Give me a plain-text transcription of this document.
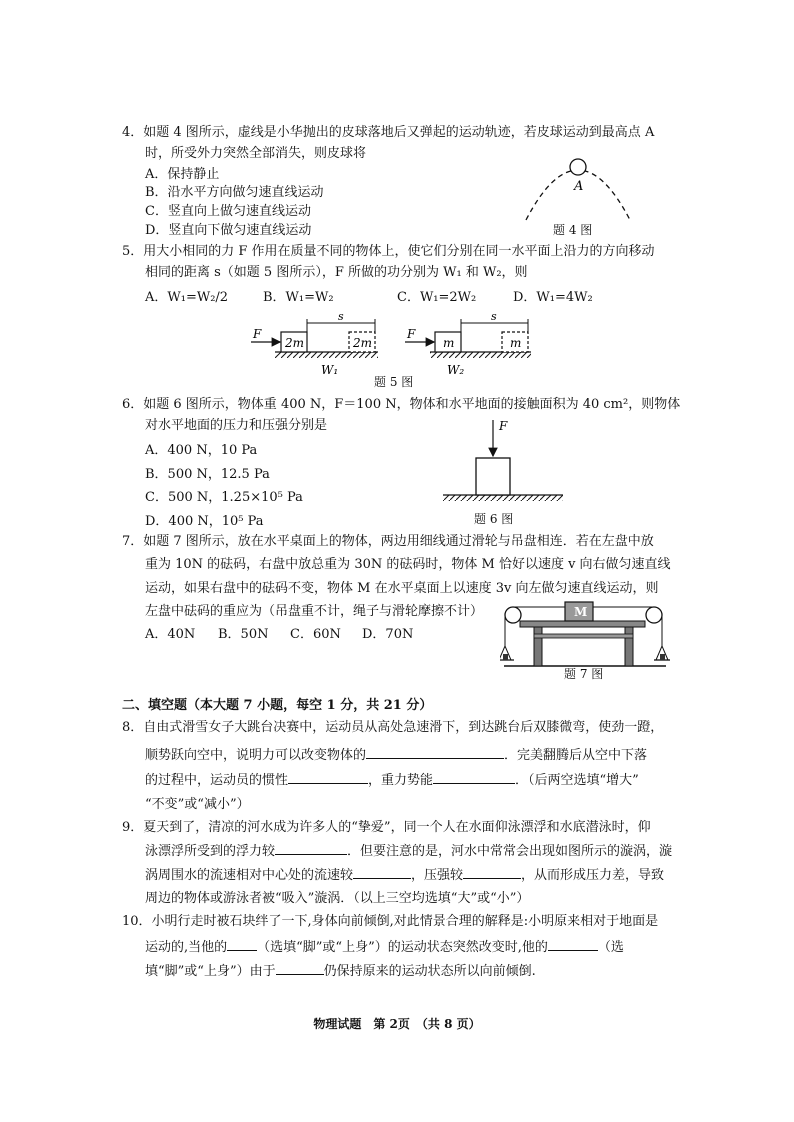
4．如题 4 图所示，虚线是小华抛出的皮球落地后又弹起的运动轨迹，若皮球运动到最高点 A
时，所受外力突然全部消失，则皮球将
A．保持静止
B．沿水平方向做匀速直线运动
C．竖直向上做匀速直线运动
D．竖直向下做匀速直线运动
A
题 4 图
5．用大小相同的力 F 作用在质量不同的物体上，使它们分别在同一水平面上沿力的方向移动
相同的距离 s（如题 5 图所示），F 所做的功分别为 W₁ 和 W₂，则
A．W₁=W₂/2	B．W₁=W₂	C．W₁=2W₂	D．W₁=4W₂
2m	2m
F
s
W₁
m	m
F
s
W₂
题 5 图
6．如题 6 图所示，物体重 400 N，F＝100 N，物体和水平地面的接触面积为 40 cm²，则物体
对水平地面的压力和压强分别是
A．400 N，10 Pa
B．500 N，12.5 Pa
C．500 N，1.25×10⁵ Pa
D．400 N，10⁵ Pa
F
题 6 图
7．如题 7 图所示，放在水平桌面上的物体，两边用细线通过滑轮与吊盘相连．若在左盘中放
重为 10N 的砝码，右盘中放总重为 30N 的砝码时，物体 M 恰好以速度 v 向右做匀速直线
运动，如果右盘中的砝码不变，物体 M 在水平桌面上以速度 3v 向左做匀速直线运动，则
左盘中砝码的重应为（吊盘重不计，绳子与滑轮摩擦不计）
A．40N B．50N C．60N D．70N
M
题 7 图
二、填空题（本大题 7 小题，每空 1 分，共 21 分）
8．自由式滑雪女子大跳台决赛中，运动员从高处急速滑下，到达跳台后双膝微弯，使劲一蹬，
顺势跃向空中，说明力可以改变物体的	．完美翻腾后从空中下落
的过程中，运动员的惯性	，重力势能	．（后两空选填“增大”
“不变”或“减小”）
9．夏天到了，清凉的河水成为许多人的“挚爱”，同一个人在水面仰泳漂浮和水底潜泳时，仰
泳漂浮所受到的浮力较	．但要注意的是，河水中常常会出现如图所示的漩涡，漩
涡周围水的流速相对中心处的流速较	，压强较	，从而形成压力差，导致
周边的物体或游泳者被“吸入”漩涡．（以上三空均选填“大”或“小”）
10．小明行走时被石块绊了一下,身体向前倾倒,对此情景合理的解释是:小明原来相对于地面是
运动的,当他的 （选填“脚”或“上身”）的运动状态突然改变时,他的	（选
填“脚”或“上身”）由于	仍保持原来的运动状态所以向前倾倒.
物理试题　第 2页　（共 8 页）
